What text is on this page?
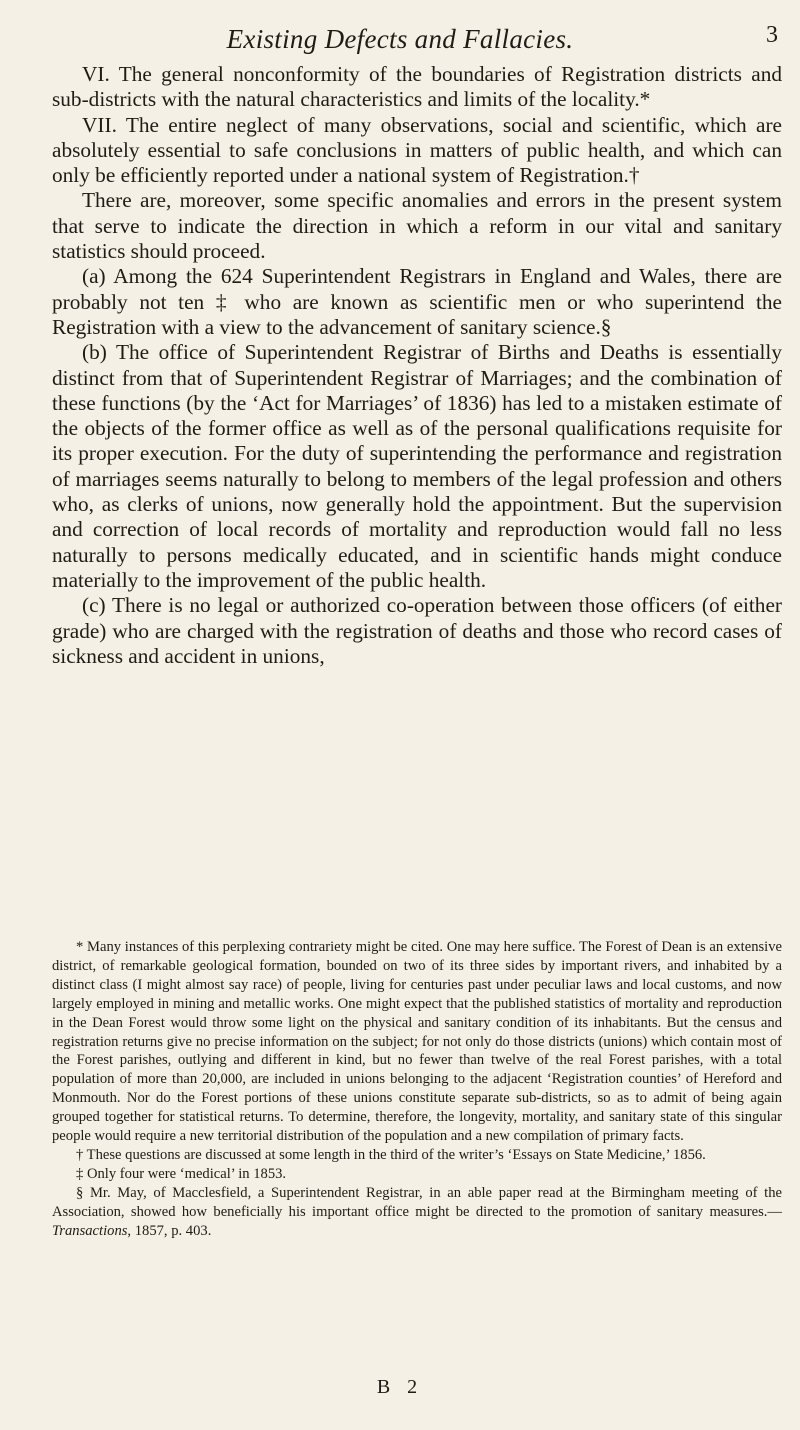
Existing Defects and Fallacies.	3

VI. The general nonconformity of the boundaries of Registration districts and sub-districts with the natural characteristics and limits of the locality.*

VII. The entire neglect of many observations, social and scientific, which are absolutely essential to safe conclusions in matters of public health, and which can only be efficiently reported under a national system of Registration.†

There are, moreover, some specific anomalies and errors in the present system that serve to indicate the direction in which a reform in our vital and sanitary statistics should proceed.

(a) Among the 624 Superintendent Registrars in England and Wales, there are probably not ten ‡ who are known as scientific men or who superintend the Registration with a view to the advancement of sanitary science.§

(b) The office of Superintendent Registrar of Births and Deaths is essentially distinct from that of Superintendent Registrar of Marriages; and the combination of these functions (by the ‘Act for Marriages’ of 1836) has led to a mistaken estimate of the objects of the former office as well as of the personal qualifications requisite for its proper execution. For the duty of superintending the performance and registration of marriages seems naturally to belong to members of the legal profession and others who, as clerks of unions, now generally hold the appointment. But the supervision and correction of local records of mortality and reproduction would fall no less naturally to persons medically educated, and in scientific hands might conduce materially to the improvement of the public health.

(c) There is no legal or authorized co-operation between those officers (of either grade) who are charged with the registration of deaths and those who record cases of sickness and accident in unions,

* Many instances of this perplexing contrariety might be cited. One may here suffice. The Forest of Dean is an extensive district, of remarkable geological formation, bounded on two of its three sides by important rivers, and inhabited by a distinct class (I might almost say race) of people, living for centuries past under peculiar laws and local customs, and now largely employed in mining and metallic works. One might expect that the published statistics of mortality and reproduction in the Dean Forest would throw some light on the physical and sanitary condition of its inhabitants. But the census and registration returns give no precise information on the subject; for not only do those districts (unions) which contain most of the Forest parishes, outlying and different in kind, but no fewer than twelve of the real Forest parishes, with a total population of more than 20,000, are included in unions belonging to the adjacent ‘Registration counties’ of Hereford and Monmouth. Nor do the Forest portions of these unions constitute separate sub-districts, so as to admit of being again grouped together for statistical returns. To determine, therefore, the longevity, mortality, and sanitary state of this singular people would require a new territorial distribution of the population and a new compilation of primary facts.

† These questions are discussed at some length in the third of the writer’s ‘Essays on State Medicine,’ 1856.

‡ Only four were ‘medical’ in 1853.

§ Mr. May, of Macclesfield, a Superintendent Registrar, in an able paper read at the Birmingham meeting of the Association, showed how beneficially his important office might be directed to the promotion of sanitary measures.—Transactions, 1857, p. 403.

B 2
